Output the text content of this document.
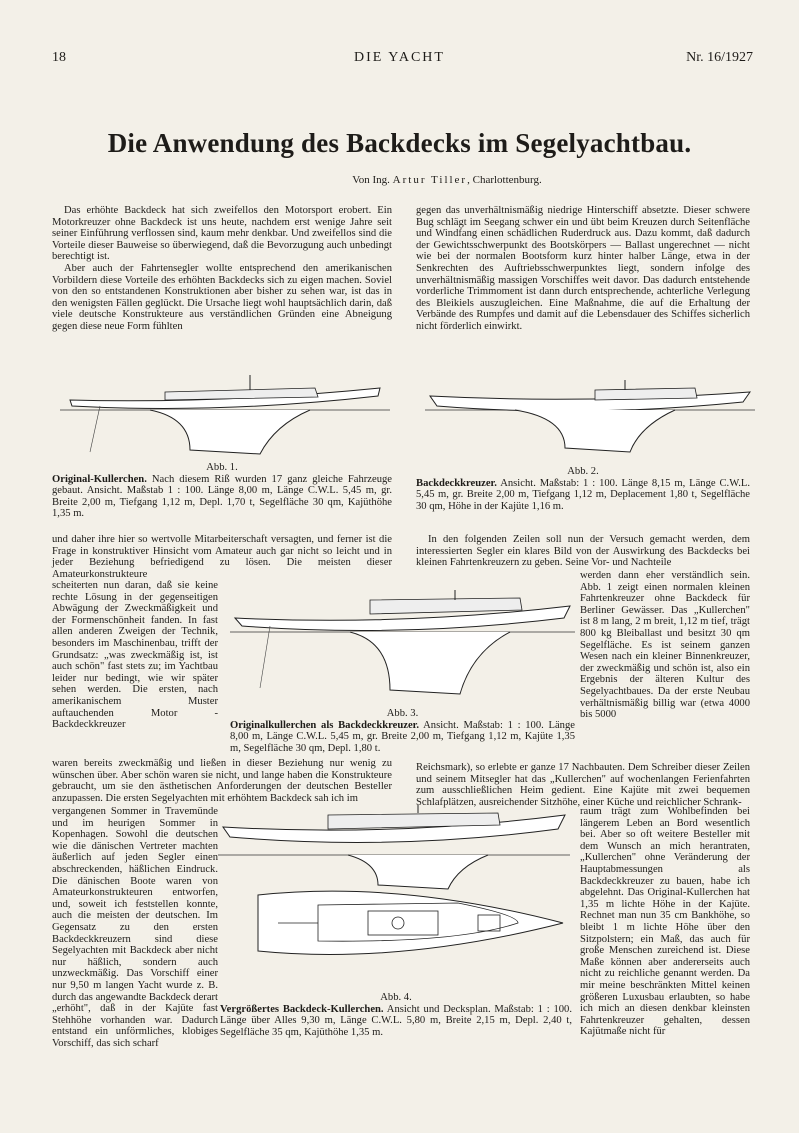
18	DIE YACHT	Nr. 16/1927
Die Anwendung des Backdecks im Segelyachtbau.
Von Ing. Artur Tiller, Charlottenburg.

Das erhöhte Backdeck hat sich zweifellos den Motorsport erobert. Ein Motorkreuzer ohne Backdeck ist uns heute, nachdem erst wenige Jahre seit seiner Einführung verflossen sind, kaum mehr denkbar. Und zweifellos sind die Vorteile dieser Bauweise so überwiegend, daß die Bevorzugung auch unbedingt berechtigt ist.

Aber auch der Fahrtensegler wollte entsprechend den amerikanischen Vorbildern diese Vorteile des erhöhten Backdecks sich zu eigen machen. Soviel von den so entstandenen Konstruktionen aber bisher zu sehen war, ist das in den wenigsten Fällen geglückt. Die Ursache liegt wohl hauptsächlich darin, daß viele deutsche Konstrukteure aus verständlichen Gründen eine Abneigung gegen diese neue Form fühlten

gegen das unverhältnismäßig niedrige Hinterschiff absetzte. Dieser schwere Bug schlägt im Seegang schwer ein und übt beim Kreuzen durch Seitenfläche und Windfang einen schädlichen Ruderdruck aus. Dazu kommt, daß dadurch der Gewichtsschwerpunkt des Bootskörpers — Ballast ungerechnet — nicht wie bei der normalen Bootsform kurz hinter halber Länge, etwa in der Senkrechten des Auftriebsschwerpunktes liegt, sondern infolge des unverhältnismäßig massigen Vorschiffes weit davor. Das dadurch entstehende vorderliche Trimmoment ist dann durch entsprechende, achterliche Verlegung des Bleikiels auszugleichen. Eine Maßnahme, die auf die Erhaltung der Verbände des Rumpfes und damit auf die Lebensdauer des Schiffes sicherlich nicht förderlich einwirkt.

Abb. 1.
Original-Kullerchen. Nach diesem Riß wurden 17 ganz gleiche Fahrzeuge gebaut. Ansicht. Maßstab 1 : 100. Länge 8,00 m, Länge C.W.L. 5,45 m, gr. Breite 2,00 m, Tiefgang 1,12 m, Depl. 1,70 t, Segelfläche 30 qm, Kajüthöhe 1,35 m.
Abb. 2.
Backdeckkreuzer. Ansicht. Maßstab: 1 : 100. Länge 8,15 m, Länge C.W.L. 5,45 m, gr. Breite 2,00 m, Tiefgang 1,12 m, Deplacement 1,80 t, Segelfläche 30 qm, Höhe in der Kajüte 1,16 m.

und daher ihre hier so wertvolle Mitarbeiterschaft versagten, und ferner ist die Frage in konstruktiver Hinsicht vom Amateur auch gar nicht so leicht und in jeder Beziehung befriedigend zu lösen. Die meisten dieser Amateurkonstrukteure

scheiterten nun daran, daß sie keine rechte Lösung in der gegenseitigen Abwägung der Zweckmäßigkeit und der Formenschönheit fanden. In fast allen anderen Zweigen der Technik, besonders im Maschinenbau, trifft der Grundsatz: „was zweckmäßig ist, ist auch schön" fast stets zu; im Yachtbau leider nur bedingt, wie wir später sehen werden. Die ersten, nach amerikanischem Muster auftauchenden Motor - Backdeckkreuzer

In den folgenden Zeilen soll nun der Versuch gemacht werden, dem interessierten Segler ein klares Bild von der Auswirkung des Backdecks bei kleinen Fahrtenkreuzern zu geben. Seine Vor- und Nachteile

werden dann eher verständlich sein. Abb. 1 zeigt einen normalen kleinen Fahrtenkreuzer ohne Backdeck für Berliner Gewässer. Das „Kullerchen" ist 8 m lang, 2 m breit, 1,12 m tief, trägt 800 kg Bleiballast und besitzt 30 qm Segelfläche. Es ist seinem ganzen Wesen nach ein kleiner Binnenkreuzer, der zweckmäßig und schön ist, also ein Ergebnis der älteren Kultur des Segelyachtbaues. Da der erste Neubau verhältnismäßig billig war (etwa 4000 bis 5000

Abb. 3.
Originalkullerchen als Backdeckkreuzer. Ansicht. Maßstab: 1 : 100. Länge 8,00 m, Länge C.W.L. 5,45 m, gr. Breite 2,00 m, Tiefgang 1,12 m, Kajüte 1,35 m, Segelfläche 30 qm, Depl. 1,80 t.

waren bereits zweckmäßig und ließen in dieser Beziehung nur wenig zu wünschen über. Aber schön waren sie nicht, und lange haben die Konstrukteure gebraucht, um sie den ästhetischen Anforderungen der deutschen Besteller anzupassen. Die ersten Segelyachten mit erhöhtem Backdeck sah ich im

Reichsmark), so erlebte er ganze 17 Nachbauten. Dem Schreiber dieser Zeilen und seinem Mitsegler hat das „Kullerchen" auf wochenlangen Ferienfahrten zum ausschließlichen Heim gedient. Eine Kajüte mit zwei bequemen Schlafplätzen, ausreichender Sitzhöhe, einer Küche und reichlicher Schrank-

vergangenen Sommer in Travemünde und im heurigen Sommer in Kopenhagen. Sowohl die deutschen wie die dänischen Vertreter machten äußerlich auf jeden Segler einen abschreckenden, häßlichen Eindruck. Die dänischen Boote waren von Amateurkonstrukteuren entworfen, und, soweit ich feststellen konnte, auch die meisten der deutschen. Im Gegensatz zu den ersten Backdeckkreuzern sind diese Segelyachten mit Backdeck aber nicht nur häßlich, sondern auch unzweckmäßig. Das Vorschiff einer nur 9,50 m langen Yacht wurde z. B. durch das angewandte Backdeck derart „erhöht", daß in der Kajüte fast Stehhöhe vorhanden war. Dadurch entstand ein unförmliches, klobiges Vorschiff, das sich scharf

raum trägt zum Wohlbefinden bei längerem Leben an Bord wesentlich bei. Aber so oft weitere Besteller mit dem Wunsch an mich herantraten, „Kullerchen" ohne Veränderung der Hauptabmessungen als Backdeckkreuzer zu bauen, habe ich abgelehnt. Das Original-Kullerchen hat 1,35 m lichte Höhe in der Kajüte. Rechnet man nun 35 cm Bankhöhe, so bleibt 1 m lichte Höhe über den Sitzpolstern; ein Maß, das auch für große Menschen zureichend ist. Diese Maße können aber andererseits auch nicht zu reichliche genannt werden. Da mir meine beschränkten Mittel keinen größeren Luxusbau erlaubten, so habe ich mich an diesen denkbar kleinsten Fahrtenkreuzer gehalten, dessen Kajütmaße nicht für

Abb. 4.
Vergrößertes Backdeck-Kullerchen. Ansicht und Decksplan. Maßstab: 1 : 100. Länge über Alles 9,30 m, Länge C.W.L. 5,80 m, Breite 2,15 m, Depl. 2,40 t, Segelfläche 35 qm, Kajüthöhe 1,35 m.
